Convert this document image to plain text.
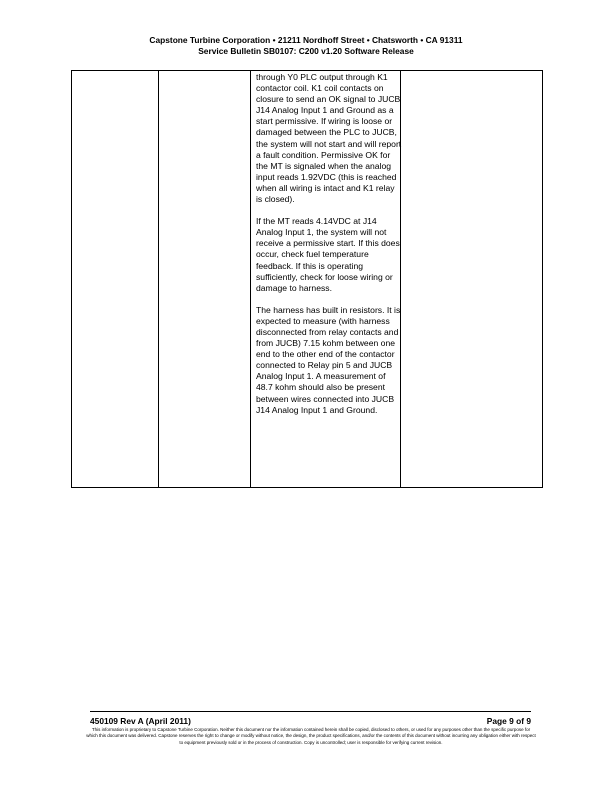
Capstone Turbine Corporation • 21211 Nordhoff Street • Chatsworth • CA 91311
Service Bulletin SB0107: C200 v1.20 Software Release

through Y0 PLC output through K1 contactor coil. K1 coil contacts on closure to send an OK signal to JUCB J14 Analog Input 1 and Ground as a start permissive. If wiring is loose or damaged between the PLC to JUCB, the system will not start and will report a fault condition. Permissive OK for the MT is signaled when the analog input reads 1.92VDC (this is reached when all wiring is intact and K1 relay is closed).

If the MT reads 4.14VDC at J14 Analog Input 1, the system will not receive a permissive start. If this does occur, check fuel temperature feedback. If this is operating sufficiently, check for loose wiring or damage to harness.

The harness has built in resistors. It is expected to measure (with harness disconnected from relay contacts and from JUCB) 7.15 kohm between one end to the other end of the contactor connected to Relay pin 5 and JUCB Analog Input 1. A measurement of 48.7 kohm should also be present between wires connected into JUCB J14 Analog Input 1 and Ground.

450109 Rev A (April 2011)	Page 9 of 9
This information is proprietary to Capstone Turbine Corporation. Neither this document nor the information contained herein shall be copied, disclosed to others, or used for any purposes other than the specific purpose for which this document was delivered. Capstone reserves the right to change or modify without notice, the design, the product specifications, and/or the contents of this document without incurring any obligation either with respect to equipment previously sold or in the process of construction. Copy is uncontrolled; user is responsible for verifying current revision.
